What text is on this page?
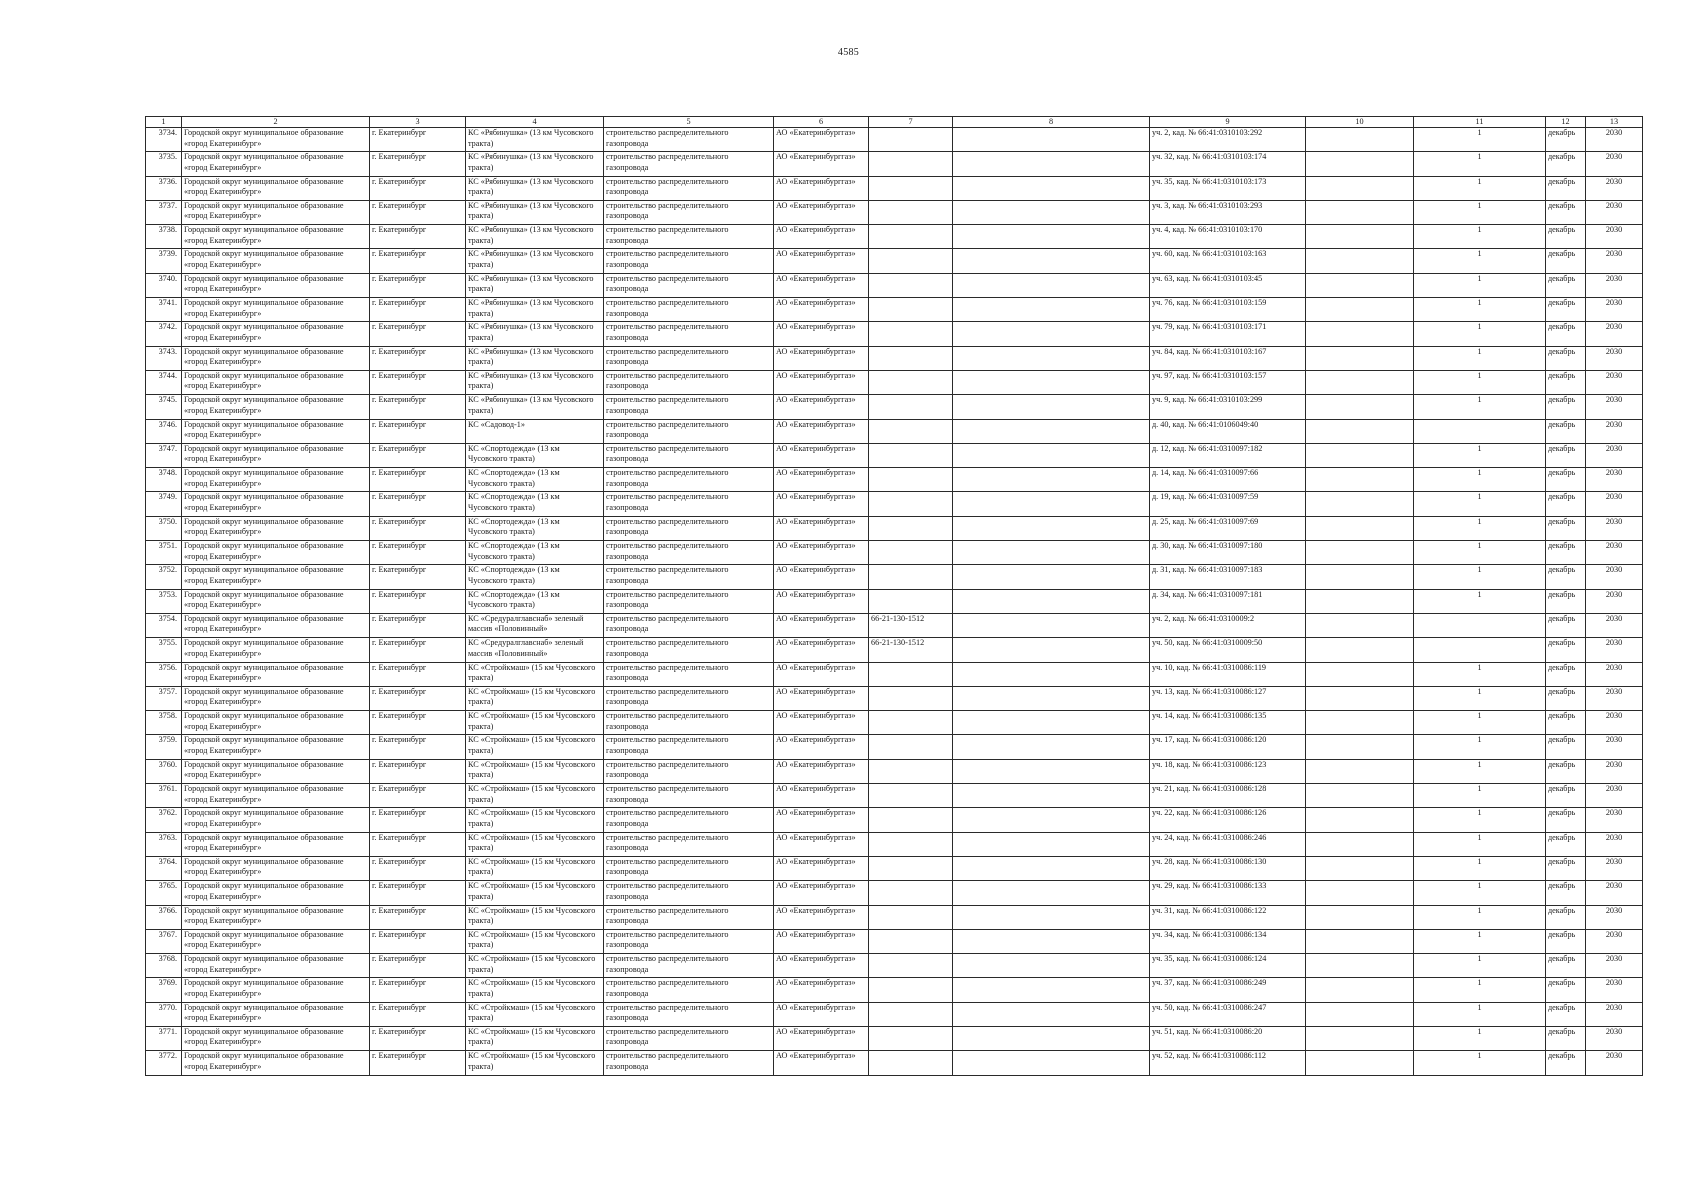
4585
1	2	3	4	5	6	7	8	9	10	11	12	13
3734.	Городской округ муниципальное образование «город Екатеринбург»	г. Екатеринбург	КС «Рябинушка» (13 км Чусовского тракта)	строительство распределительного газопровода	АО «Екатеринбурггаз»			уч. 2, кад. № 66:41:0310103:292		1	декабрь	2030
3735.	Городской округ муниципальное образование «город Екатеринбург»	г. Екатеринбург	КС «Рябинушка» (13 км Чусовского тракта)	строительство распределительного газопровода	АО «Екатеринбурггаз»			уч. 32, кад. № 66:41:0310103:174		1	декабрь	2030
3736.	Городской округ муниципальное образование «город Екатеринбург»	г. Екатеринбург	КС «Рябинушка» (13 км Чусовского тракта)	строительство распределительного газопровода	АО «Екатеринбурггаз»			уч. 35, кад. № 66:41:0310103:173		1	декабрь	2030
3737.	Городской округ муниципальное образование «город Екатеринбург»	г. Екатеринбург	КС «Рябинушка» (13 км Чусовского тракта)	строительство распределительного газопровода	АО «Екатеринбурггаз»			уч. 3, кад. № 66:41:0310103:293		1	декабрь	2030
3738.	Городской округ муниципальное образование «город Екатеринбург»	г. Екатеринбург	КС «Рябинушка» (13 км Чусовского тракта)	строительство распределительного газопровода	АО «Екатеринбурггаз»			уч. 4, кад. № 66:41:0310103:170		1	декабрь	2030
3739.	Городской округ муниципальное образование «город Екатеринбург»	г. Екатеринбург	КС «Рябинушка» (13 км Чусовского тракта)	строительство распределительного газопровода	АО «Екатеринбурггаз»			уч. 60, кад. № 66:41:0310103:163		1	декабрь	2030
3740.	Городской округ муниципальное образование «город Екатеринбург»	г. Екатеринбург	КС «Рябинушка» (13 км Чусовского тракта)	строительство распределительного газопровода	АО «Екатеринбурггаз»			уч. 63, кад. № 66:41:0310103:45		1	декабрь	2030
3741.	Городской округ муниципальное образование «город Екатеринбург»	г. Екатеринбург	КС «Рябинушка» (13 км Чусовского тракта)	строительство распределительного газопровода	АО «Екатеринбурггаз»			уч. 76, кад. № 66:41:0310103:159		1	декабрь	2030
3742.	Городской округ муниципальное образование «город Екатеринбург»	г. Екатеринбург	КС «Рябинушка» (13 км Чусовского тракта)	строительство распределительного газопровода	АО «Екатеринбурггаз»			уч. 79, кад. № 66:41:0310103:171		1	декабрь	2030
3743.	Городской округ муниципальное образование «город Екатеринбург»	г. Екатеринбург	КС «Рябинушка» (13 км Чусовского тракта)	строительство распределительного газопровода	АО «Екатеринбурггаз»			уч. 84, кад. № 66:41:0310103:167		1	декабрь	2030
3744.	Городской округ муниципальное образование «город Екатеринбург»	г. Екатеринбург	КС «Рябинушка» (13 км Чусовского тракта)	строительство распределительного газопровода	АО «Екатеринбурггаз»			уч. 97, кад. № 66:41:0310103:157		1	декабрь	2030
3745.	Городской округ муниципальное образование «город Екатеринбург»	г. Екатеринбург	КС «Рябинушка» (13 км Чусовского тракта)	строительство распределительного газопровода	АО «Екатеринбурггаз»			уч. 9, кад. № 66:41:0310103:299		1	декабрь	2030
3746.	Городской округ муниципальное образование «город Екатеринбург»	г. Екатеринбург	КС «Садовод-1»	строительство распределительного газопровода	АО «Екатеринбурггаз»			д. 40, кад. № 66:41:0106049:40			декабрь	2030
3747.	Городской округ муниципальное образование «город Екатеринбург»	г. Екатеринбург	КС «Спортодежда» (13 км Чусовского тракта)	строительство распределительного газопровода	АО «Екатеринбурггаз»			д. 12, кад. № 66:41:0310097:182		1	декабрь	2030
3748.	Городской округ муниципальное образование «город Екатеринбург»	г. Екатеринбург	КС «Спортодежда» (13 км Чусовского тракта)	строительство распределительного газопровода	АО «Екатеринбурггаз»			д. 14, кад. № 66:41:0310097:66		1	декабрь	2030
3749.	Городской округ муниципальное образование «город Екатеринбург»	г. Екатеринбург	КС «Спортодежда» (13 км Чусовского тракта)	строительство распределительного газопровода	АО «Екатеринбурггаз»			д. 19, кад. № 66:41:0310097:59		1	декабрь	2030
3750.	Городской округ муниципальное образование «город Екатеринбург»	г. Екатеринбург	КС «Спортодежда» (13 км Чусовского тракта)	строительство распределительного газопровода	АО «Екатеринбурггаз»			д. 25, кад. № 66:41:0310097:69		1	декабрь	2030
3751.	Городской округ муниципальное образование «город Екатеринбург»	г. Екатеринбург	КС «Спортодежда» (13 км Чусовского тракта)	строительство распределительного газопровода	АО «Екатеринбурггаз»			д. 30, кад. № 66:41:0310097:180		1	декабрь	2030
3752.	Городской округ муниципальное образование «город Екатеринбург»	г. Екатеринбург	КС «Спортодежда» (13 км Чусовского тракта)	строительство распределительного газопровода	АО «Екатеринбурггаз»			д. 31, кад. № 66:41:0310097:183		1	декабрь	2030
3753.	Городской округ муниципальное образование «город Екатеринбург»	г. Екатеринбург	КС «Спортодежда» (13 км Чусовского тракта)	строительство распределительного газопровода	АО «Екатеринбурггаз»			д. 34, кад. № 66:41:0310097:181		1	декабрь	2030
3754.	Городской округ муниципальное образование «город Екатеринбург»	г. Екатеринбург	КС «Средуралглавснаб» зеленый массив «Половинный»	строительство распределительного газопровода	АО «Екатеринбурггаз»	66-21-130-1512		уч. 2, кад. № 66:41:0310009:2			декабрь	2030
3755.	Городской округ муниципальное образование «город Екатеринбург»	г. Екатеринбург	КС «Средуралглавснаб» зеленый массив «Половинный»	строительство распределительного газопровода	АО «Екатеринбурггаз»	66-21-130-1512		уч. 50, кад. № 66:41:0310009:50			декабрь	2030
3756.	Городской округ муниципальное образование «город Екатеринбург»	г. Екатеринбург	КС «Стройкмаш» (15 км Чусовского тракта)	строительство распределительного газопровода	АО «Екатеринбурггаз»			уч. 10, кад. № 66:41:0310086:119		1	декабрь	2030
3757.	Городской округ муниципальное образование «город Екатеринбург»	г. Екатеринбург	КС «Стройкмаш» (15 км Чусовского тракта)	строительство распределительного газопровода	АО «Екатеринбурггаз»			уч. 13, кад. № 66:41:0310086:127		1	декабрь	2030
3758.	Городской округ муниципальное образование «город Екатеринбург»	г. Екатеринбург	КС «Стройкмаш» (15 км Чусовского тракта)	строительство распределительного газопровода	АО «Екатеринбурггаз»			уч. 14, кад. № 66:41:0310086:135		1	декабрь	2030
3759.	Городской округ муниципальное образование «город Екатеринбург»	г. Екатеринбург	КС «Стройкмаш» (15 км Чусовского тракта)	строительство распределительного газопровода	АО «Екатеринбурггаз»			уч. 17, кад. № 66:41:0310086:120		1	декабрь	2030
3760.	Городской округ муниципальное образование «город Екатеринбург»	г. Екатеринбург	КС «Стройкмаш» (15 км Чусовского тракта)	строительство распределительного газопровода	АО «Екатеринбурггаз»			уч. 18, кад. № 66:41:0310086:123		1	декабрь	2030
3761.	Городской округ муниципальное образование «город Екатеринбург»	г. Екатеринбург	КС «Стройкмаш» (15 км Чусовского тракта)	строительство распределительного газопровода	АО «Екатеринбурггаз»			уч. 21, кад. № 66:41:0310086:128		1	декабрь	2030
3762.	Городской округ муниципальное образование «город Екатеринбург»	г. Екатеринбург	КС «Стройкмаш» (15 км Чусовского тракта)	строительство распределительного газопровода	АО «Екатеринбурггаз»			уч. 22, кад. № 66:41:0310086:126		1	декабрь	2030
3763.	Городской округ муниципальное образование «город Екатеринбург»	г. Екатеринбург	КС «Стройкмаш» (15 км Чусовского тракта)	строительство распределительного газопровода	АО «Екатеринбурггаз»			уч. 24, кад. № 66:41:0310086:246		1	декабрь	2030
3764.	Городской округ муниципальное образование «город Екатеринбург»	г. Екатеринбург	КС «Стройкмаш» (15 км Чусовского тракта)	строительство распределительного газопровода	АО «Екатеринбурггаз»			уч. 28, кад. № 66:41:0310086:130		1	декабрь	2030
3765.	Городской округ муниципальное образование «город Екатеринбург»	г. Екатеринбург	КС «Стройкмаш» (15 км Чусовского тракта)	строительство распределительного газопровода	АО «Екатеринбурггаз»			уч. 29, кад. № 66:41:0310086:133		1	декабрь	2030
3766.	Городской округ муниципальное образование «город Екатеринбург»	г. Екатеринбург	КС «Стройкмаш» (15 км Чусовского тракта)	строительство распределительного газопровода	АО «Екатеринбурггаз»			уч. 31, кад. № 66:41:0310086:122		1	декабрь	2030
3767.	Городской округ муниципальное образование «город Екатеринбург»	г. Екатеринбург	КС «Стройкмаш» (15 км Чусовского тракта)	строительство распределительного газопровода	АО «Екатеринбурггаз»			уч. 34, кад. № 66:41:0310086:134		1	декабрь	2030
3768.	Городской округ муниципальное образование «город Екатеринбург»	г. Екатеринбург	КС «Стройкмаш» (15 км Чусовского тракта)	строительство распределительного газопровода	АО «Екатеринбурггаз»			уч. 35, кад. № 66:41:0310086:124		1	декабрь	2030
3769.	Городской округ муниципальное образование «город Екатеринбург»	г. Екатеринбург	КС «Стройкмаш» (15 км Чусовского тракта)	строительство распределительного газопровода	АО «Екатеринбурггаз»			уч. 37, кад. № 66:41:0310086:249		1	декабрь	2030
3770.	Городской округ муниципальное образование «город Екатеринбург»	г. Екатеринбург	КС «Стройкмаш» (15 км Чусовского тракта)	строительство распределительного газопровода	АО «Екатеринбурггаз»			уч. 50, кад. № 66:41:0310086:247		1	декабрь	2030
3771.	Городской округ муниципальное образование «город Екатеринбург»	г. Екатеринбург	КС «Стройкмаш» (15 км Чусовского тракта)	строительство распределительного газопровода	АО «Екатеринбурггаз»			уч. 51, кад. № 66:41:0310086:20		1	декабрь	2030
3772.	Городской округ муниципальное образование «город Екатеринбург»	г. Екатеринбург	КС «Стройкмаш» (15 км Чусовского тракта)	строительство распределительного газопровода	АО «Екатеринбурггаз»			уч. 52, кад. № 66:41:0310086:112		1	декабрь	2030
